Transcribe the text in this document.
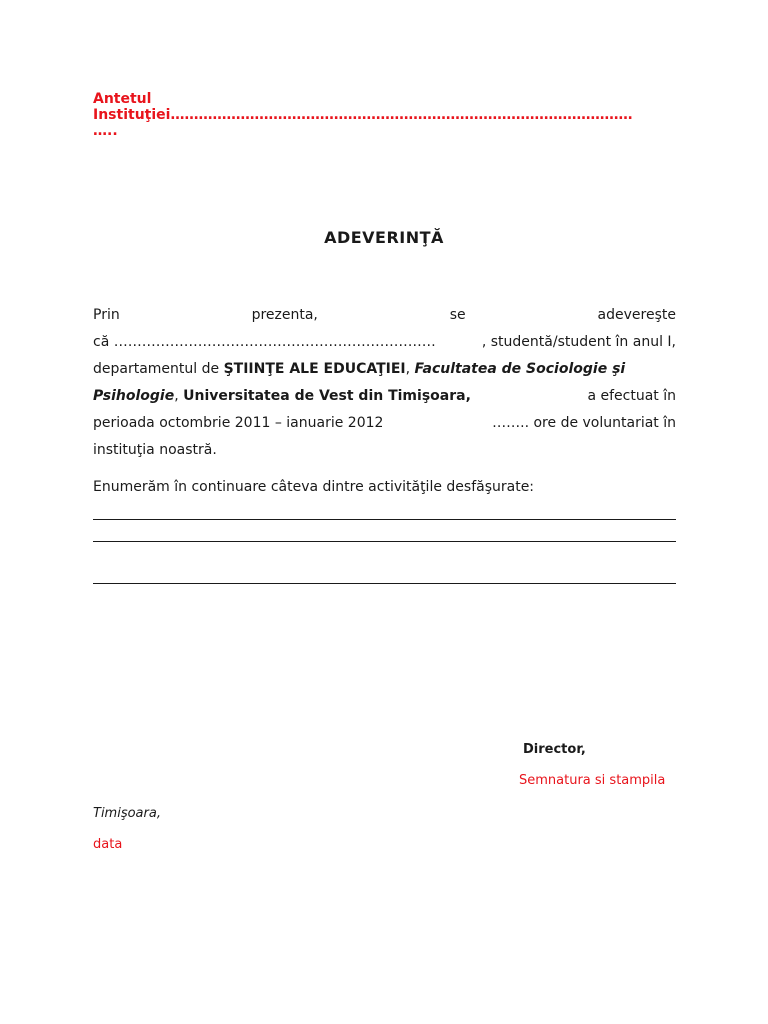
Antetul
Instituţiei………………………………………………………………………………………
…..
ADEVERINŢĂ
Prin	prezenta,	se	adevereşte
că ……………………………………………………………	, studentă/student în anul I,
departamentul de ŞTIINŢE ALE EDUCAŢIEI, Facultatea de Sociologie şi
Psihologie, Universitatea de Vest din Timişoara,	a efectuat în
perioada octombrie 2011 – ianuarie 2012	…….. ore de voluntariat în
instituţia noastră.
Enumerăm în continuare câteva dintre activităţile desfăşurate:
Director,
Semnatura si stampila
Timişoara,
data
